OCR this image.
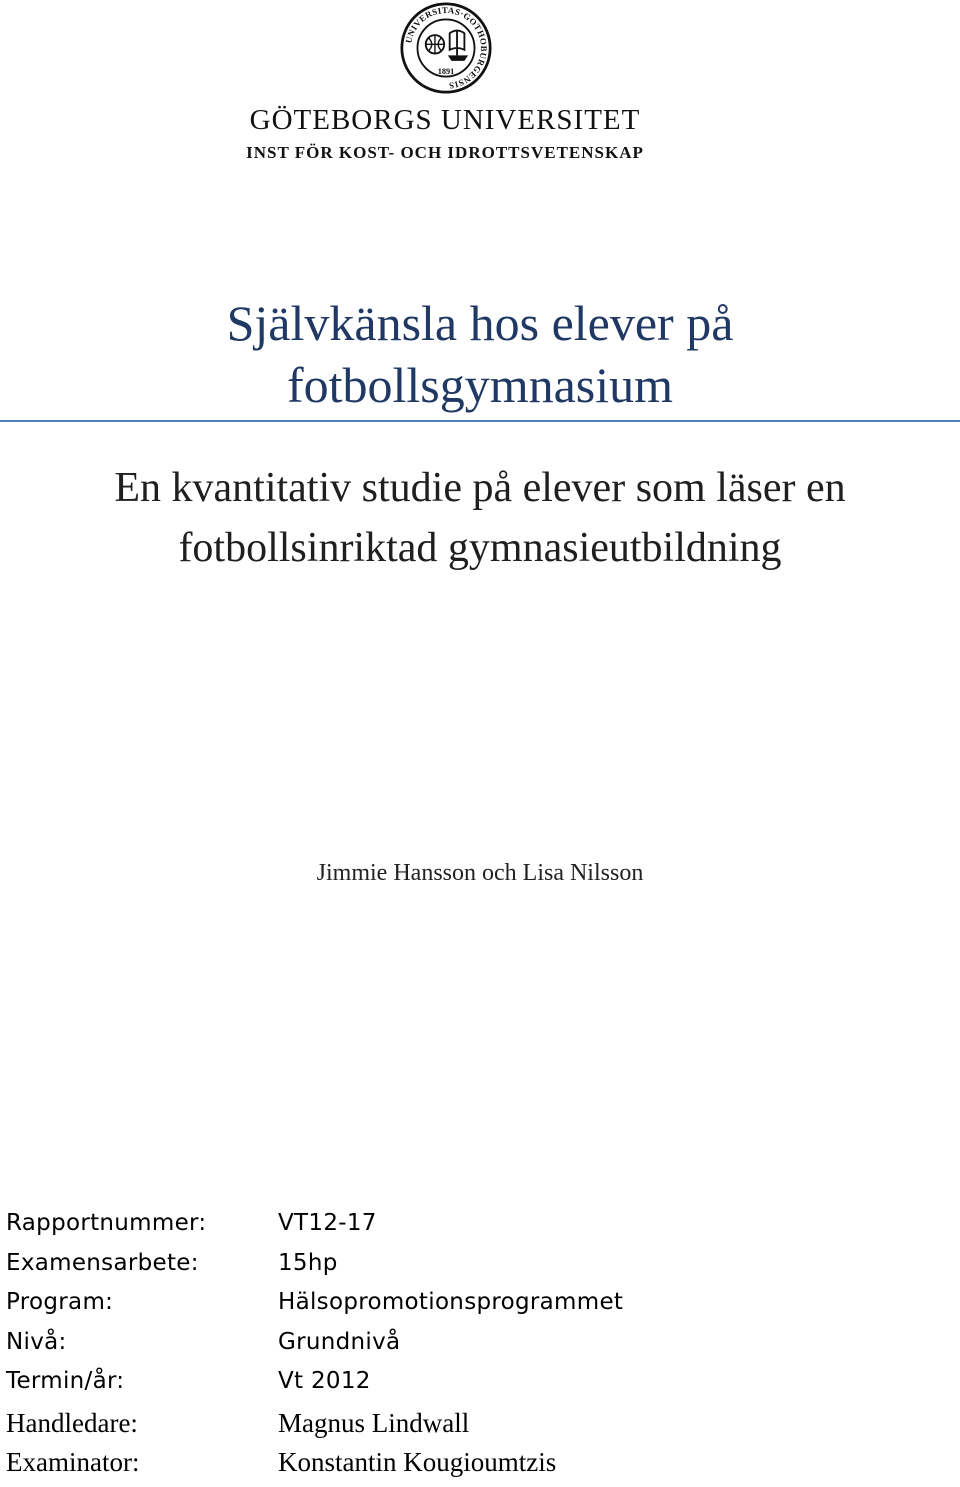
UNIVERSITAS·GOTHOBURGENSIS
1891
GÖTEBORGS UNIVERSITET
INST FÖR KOST- OCH IDROTTSVETENSKAP
Självkänsla hos elever på
fotbollsgymnasium
En kvantitativ studie på elever som läser en
fotbollsinriktad gymnasieutbildning
Jimmie Hansson och Lisa Nilsson
Rapportnummer:	VT12-17
Examensarbete:	15hp
Program:	Hälsopromotionsprogrammet
Nivå:	Grundnivå
Termin/år:	Vt 2012
Handledare:	Magnus Lindwall
Examinator:	Konstantin Kougioumtzis
